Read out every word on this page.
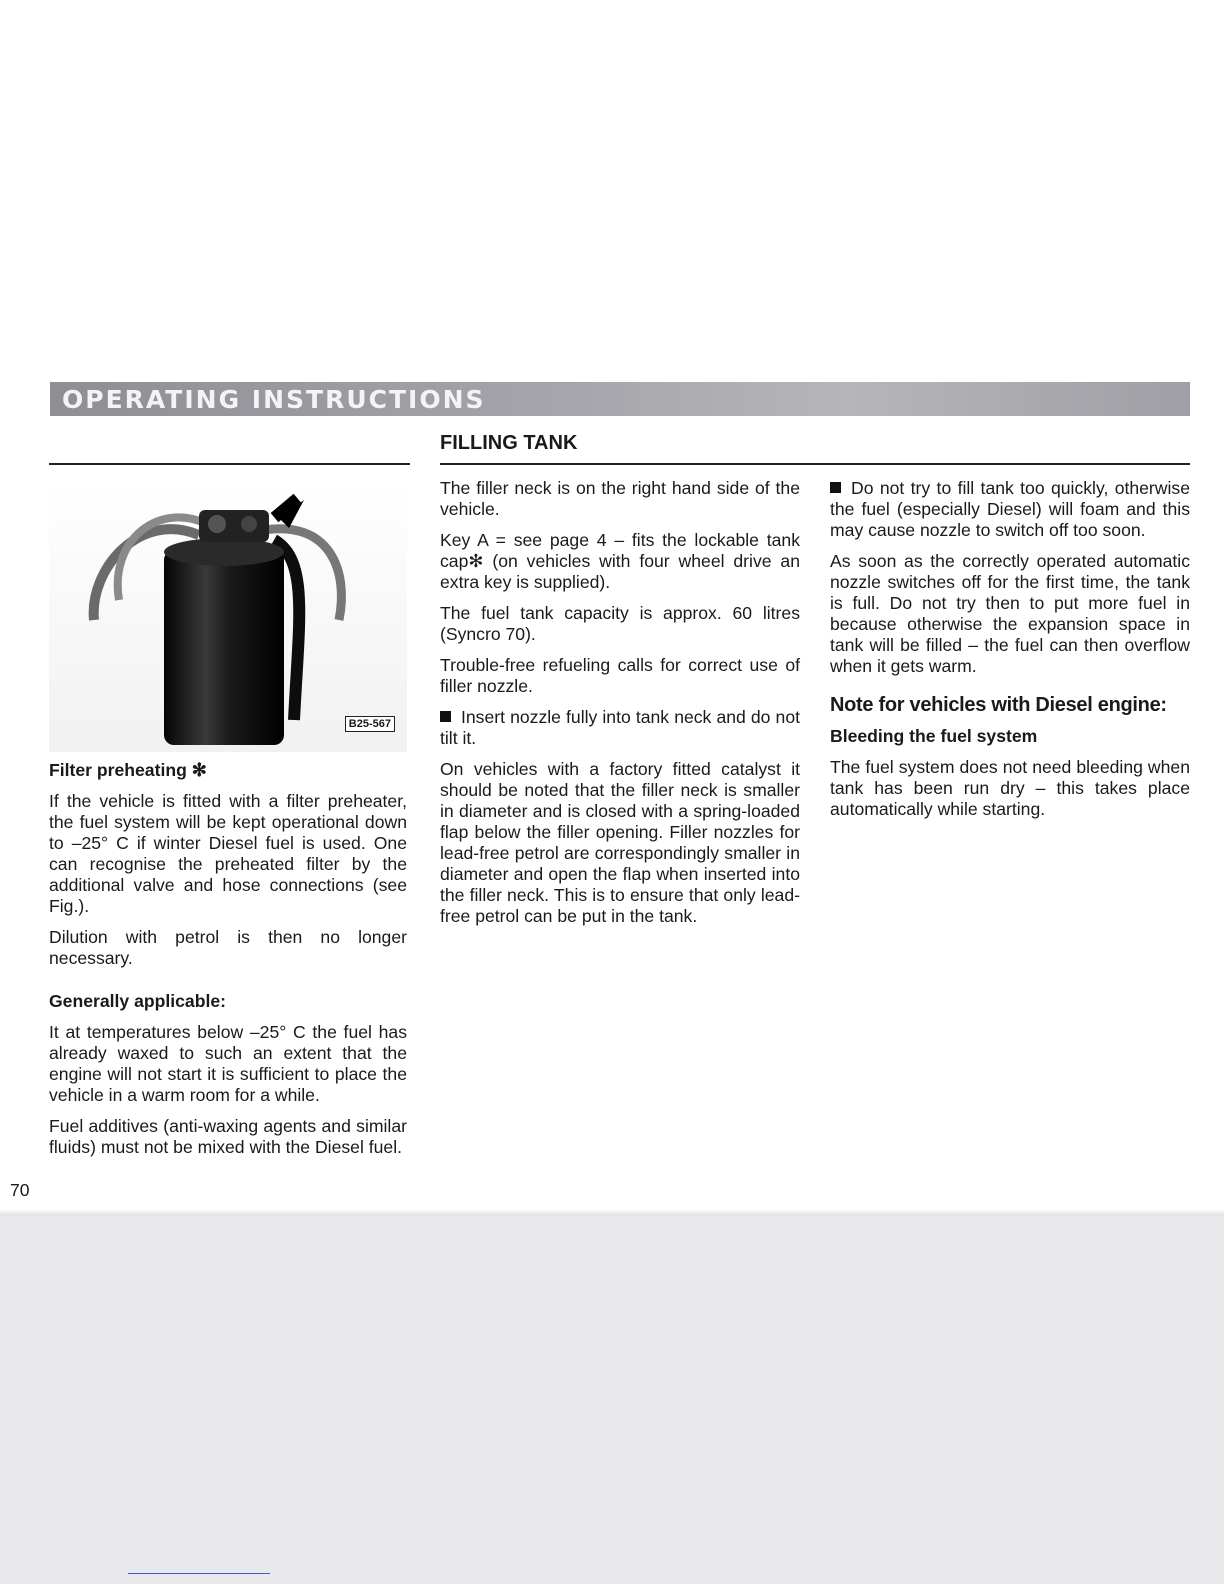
OPERATING INSTRUCTIONS
FILLING TANK
B25-567

Filter preheating ✻

If the vehicle is fitted with a filter preheater, the fuel system will be kept operational down to –25° C if winter Diesel fuel is used. One can recognise the preheated filter by the additional valve and hose connections (see Fig.).

Dilution with petrol is then no longer necessary.

Generally applicable:

It at temperatures below –25° C the fuel has already waxed to such an extent that the engine will not start it is sufficient to place the vehicle in a warm room for a while.

Fuel additives (anti-waxing agents and similar fluids) must not be mixed with the Diesel fuel.

The filler neck is on the right hand side of the vehicle.

Key A = see page 4 – fits the lockable tank cap✻ (on vehicles with four wheel drive an extra key is supplied).

The fuel tank capacity is approx. 60 litres (Syncro 70).

Trouble-free refueling calls for correct use of filler nozzle.

Insert nozzle fully into tank neck and do not tilt it.

On vehicles with a factory fitted catalyst it should be noted that the filler neck is smaller in diameter and is closed with a spring-loaded flap below the filler opening. Filler nozzles for lead-free petrol are correspondingly smaller in diameter and open the flap when inserted into the filler neck. This is to ensure that only lead-free petrol can be put in the tank.

Do not try to fill tank too quickly, otherwise the fuel (especially Diesel) will foam and this may cause nozzle to switch off too soon.

As soon as the correctly operated automatic nozzle switches off for the first time, the tank is full. Do not try then to put more fuel in because otherwise the expansion space in tank will be filled – the fuel can then overflow when it gets warm.

Note for vehicles with Diesel engine:

Bleeding the fuel system

The fuel system does not need bleeding when tank has been run dry – this takes place automatically while starting.

70
